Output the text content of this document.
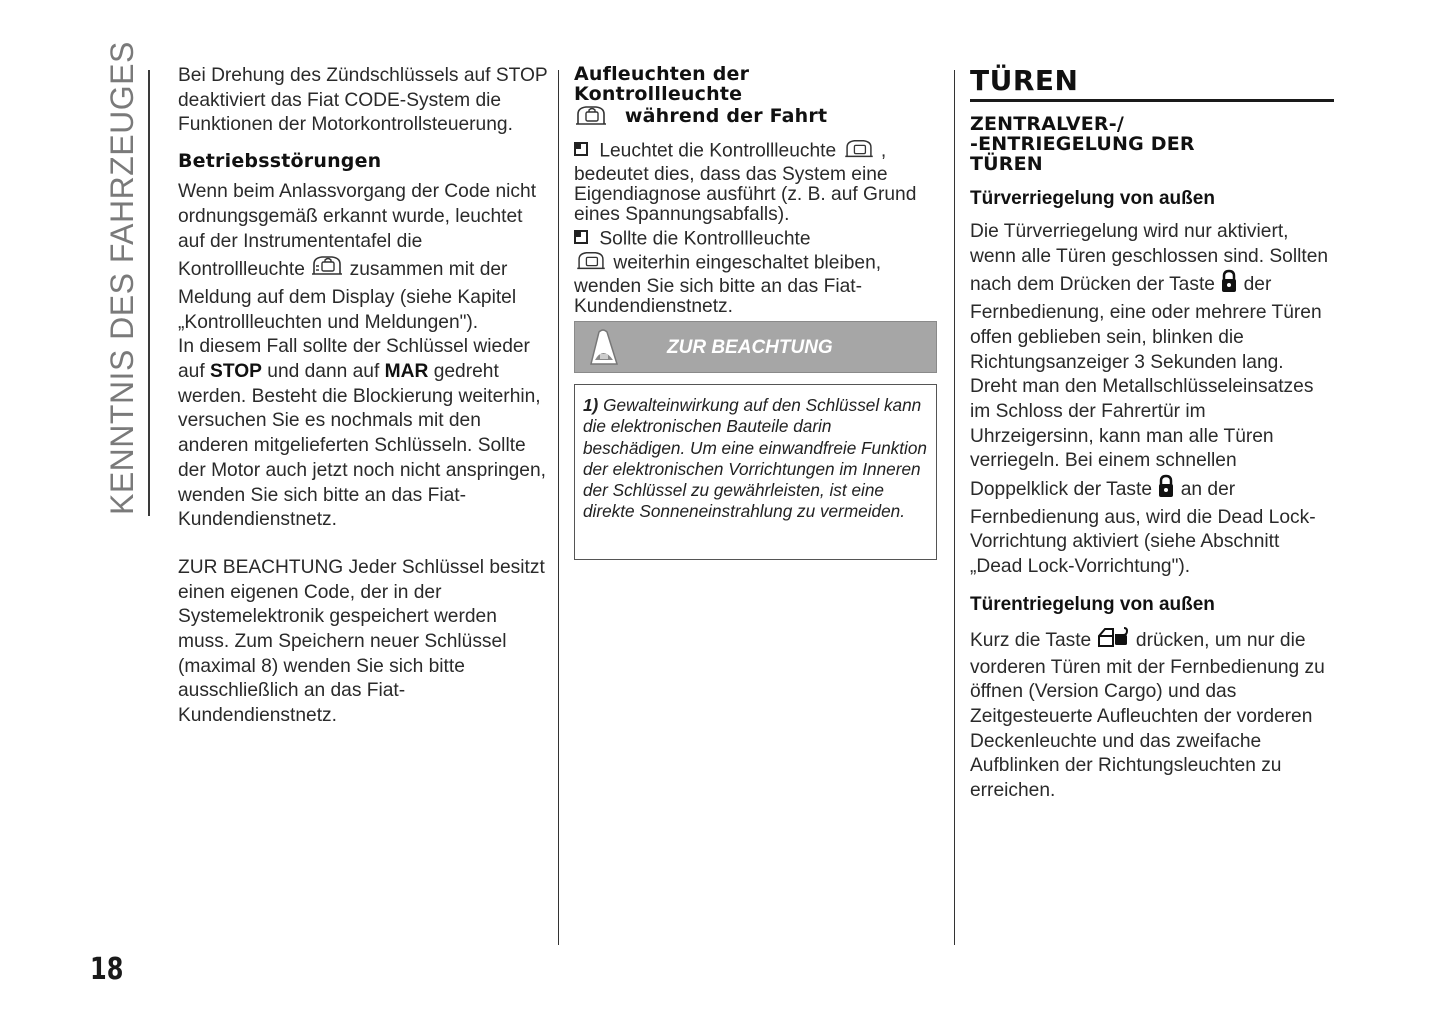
KENNTNIS DES FAHRZEUGES
18

Bei Drehung des Zündschlüssels auf STOP deaktiviert das Fiat CODE-System die Funktionen der Motorkontrollsteuerung.

Betriebsstörungen

Wenn beim Anlassvorgang der Code nicht ordnungsgemäß erkannt wurde, leuchtet auf der Instrumententafel die Kontrollleuchte zusammen mit der Meldung auf dem Display (siehe Kapitel „Kontrollleuchten und Meldungen").
In diesem Fall sollte der Schlüssel wieder auf STOP und dann auf MAR gedreht werden. Besteht die Blockierung weiterhin, versuchen Sie es nochmals mit den anderen mitgelieferten Schlüsseln. Sollte der Motor auch jetzt noch nicht anspringen, wenden Sie sich bitte an das Fiat-Kundendienstnetz.

ZUR BEACHTUNG Jeder Schlüssel besitzt einen eigenen Code, der in der Systemelektronik gespeichert werden muss. Zum Speichern neuer Schlüssel (maximal 8) wenden Sie sich bitte ausschließlich an das Fiat-Kundendienstnetz.

Aufleuchten der
Kontrollleuchte
während der Fahrt

Leuchtet die Kontrollleuchte , bedeutet dies, dass das System eine Eigendiagnose ausführt (z. B. auf Grund eines Spannungsabfalls).

Sollte die Kontrollleuchte
weiterhin eingeschaltet bleiben, wenden Sie sich bitte an das Fiat-Kundendienstnetz.

ZUR BEACHTUNG

1) Gewalteinwirkung auf den Schlüssel kann die elektronischen Bauteile darin beschädigen. Um eine einwandfreie Funktion der elektronischen Vorrichtungen im Inneren der Schlüssel zu gewährleisten, ist eine direkte Sonneneinstrahlung zu vermeiden.

TÜREN

ZENTRALVER-/
-ENTRIEGELUNG DER
TÜREN

Türverriegelung von außen

Die Türverriegelung wird nur aktiviert, wenn alle Türen geschlossen sind. Sollten nach dem Drücken der Taste der Fernbedienung, eine oder mehrere Türen offen geblieben sein, blinken die Richtungsanzeiger 3 Sekunden lang. Dreht man den Metallschlüsseleinsatzes im Schloss der Fahrertür im Uhrzeigersinn, kann man alle Türen verriegeln. Bei einem schnellen Doppelklick der Taste an der Fernbedienung aus, wird die Dead Lock-Vorrichtung aktiviert (siehe Abschnitt „Dead Lock-Vorrichtung").

Türentriegelung von außen

Kurz die Taste drücken, um nur die vorderen Türen mit der Fernbedienung zu öffnen (Version Cargo) und das Zeitgesteuerte Aufleuchten der vorderen Deckenleuchte und das zweifache Aufblinken der Richtungsleuchten zu erreichen.
